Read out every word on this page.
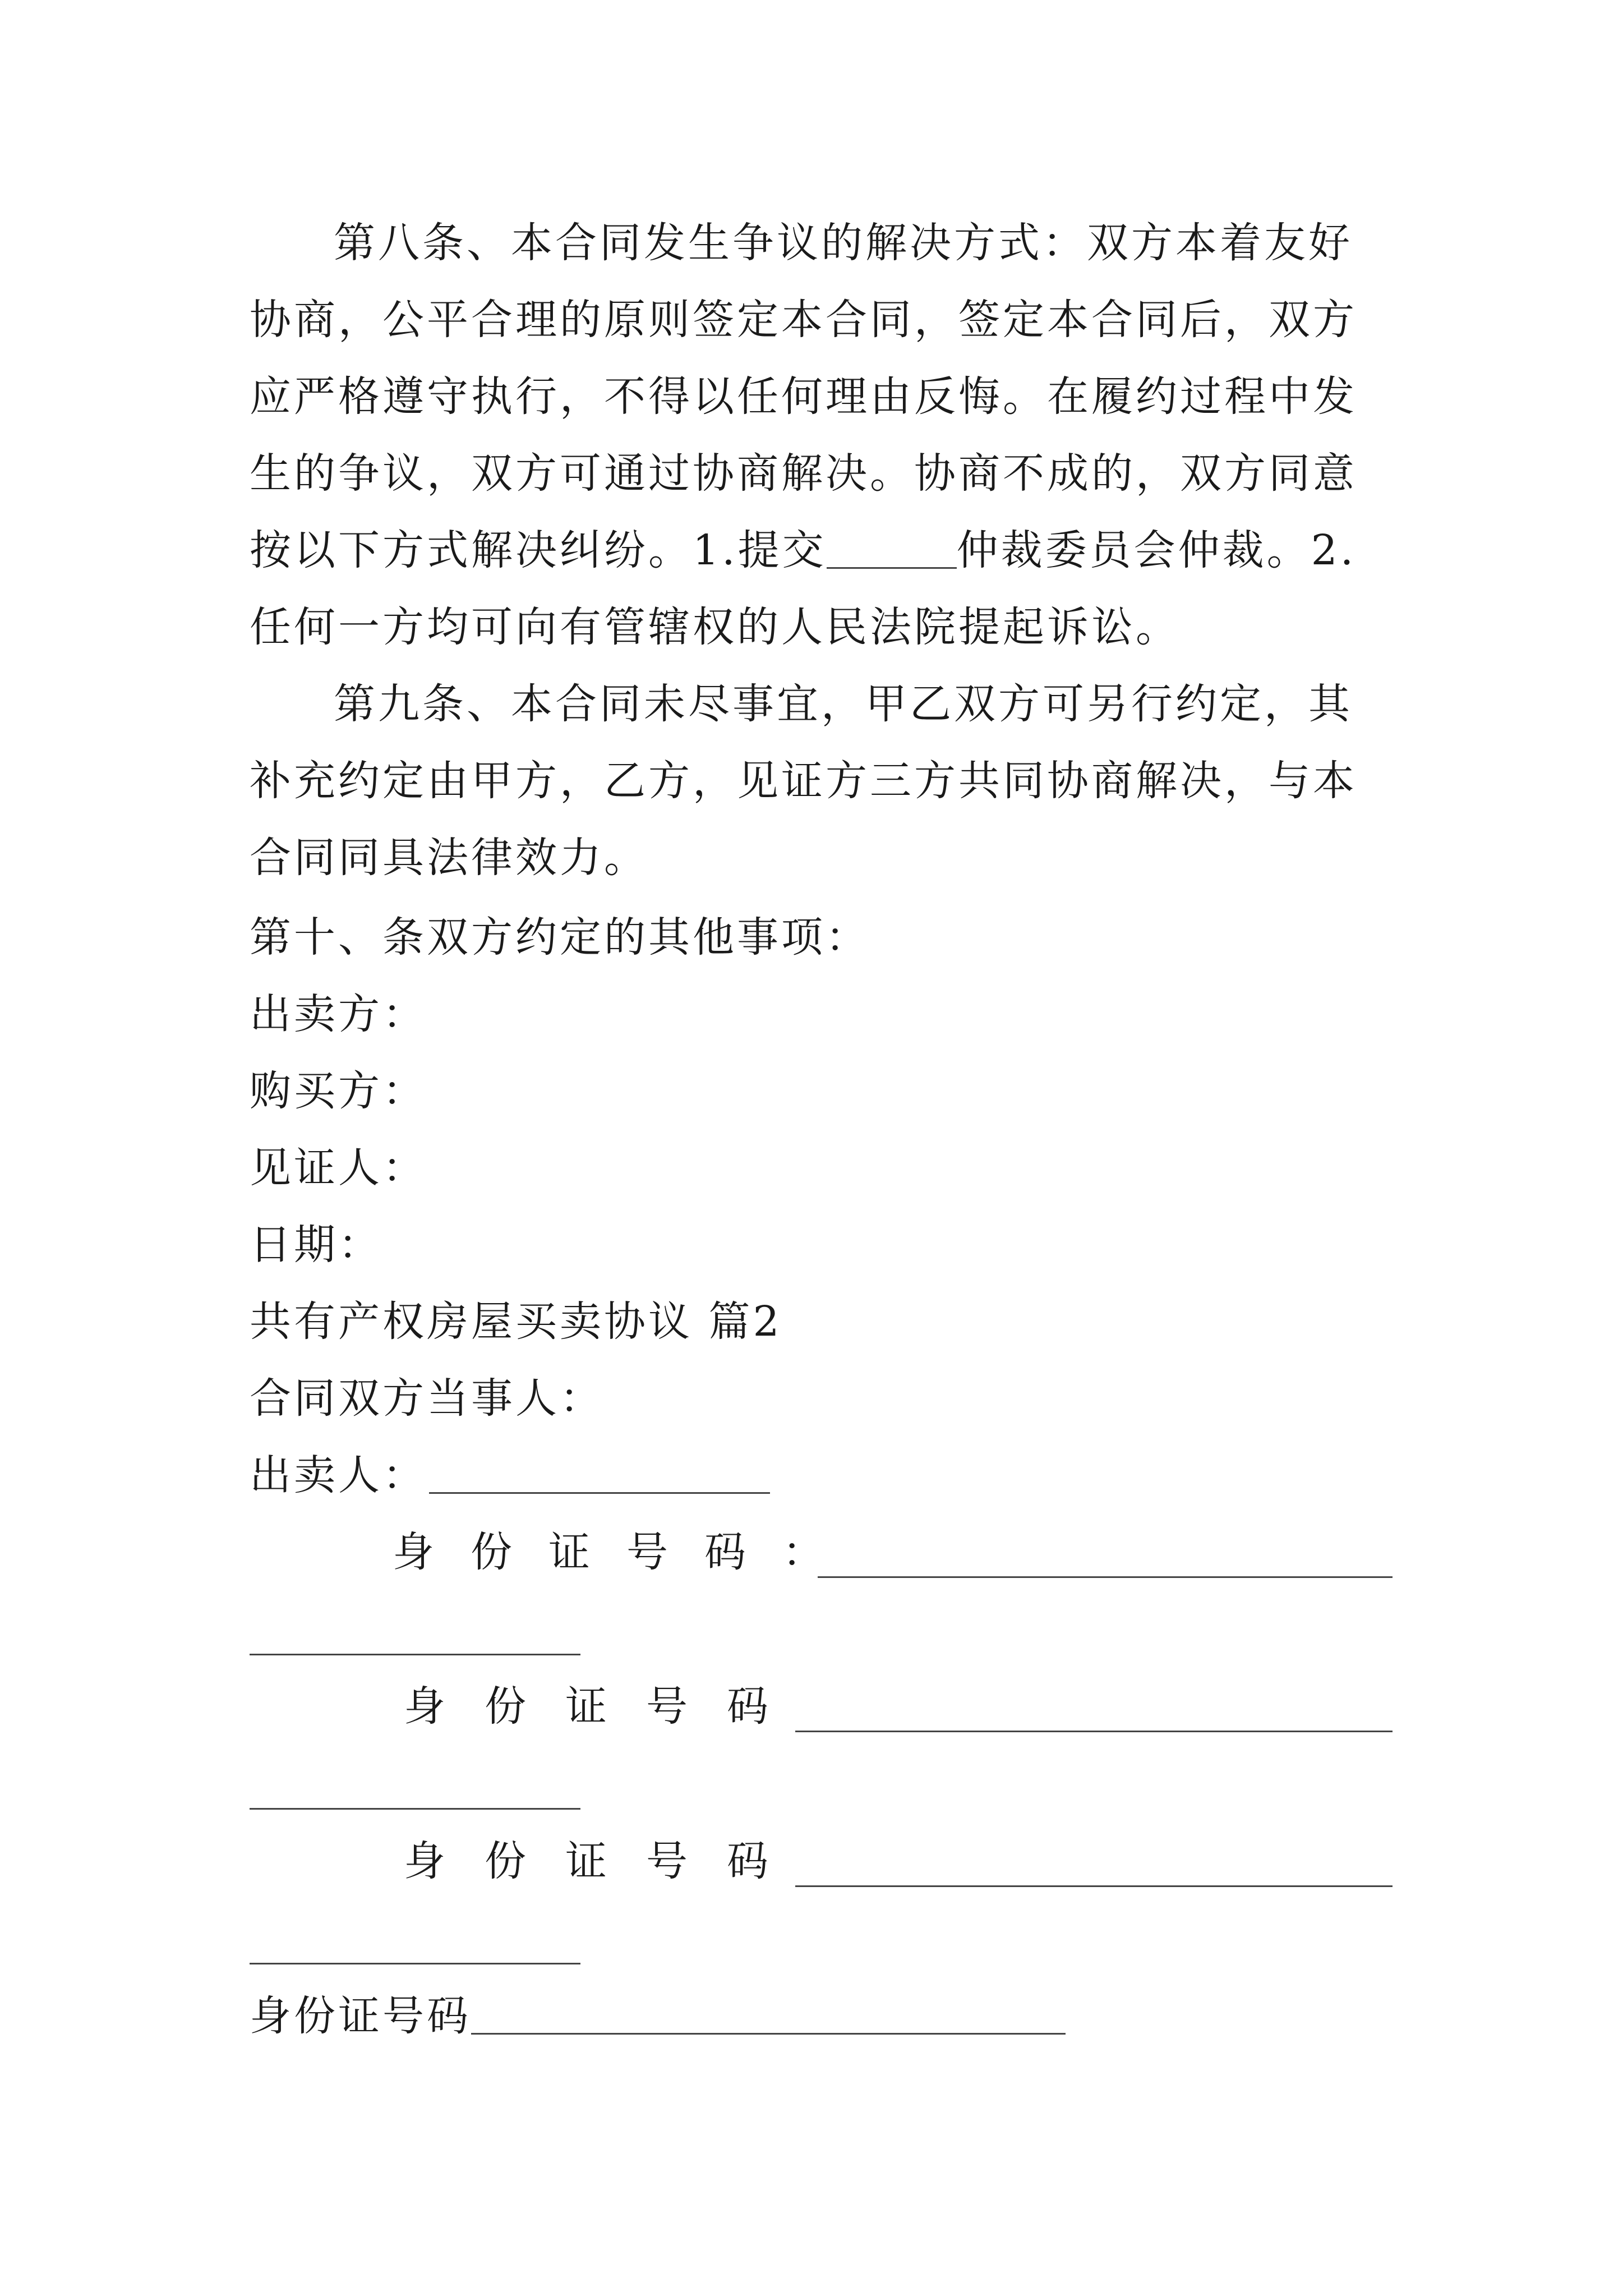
第八条、本合同发生争议的解决方式：双方本着友好协商，公平合理的原则签定本合同，签定本合同后，双方应严格遵守执行，不得以任何理由反悔。在履约过程中发生的争议，双方可通过协商解决。协商不成的，双方同意按以下方式解决纠纷。1.提交	仲裁委员会仲裁。2.任何一方均可向有管辖权的人民法院提起诉讼。

第九条、本合同未尽事宜，甲乙双方可另行约定，其补充约定由甲方，乙方，见证方三方共同协商解决，与本合同同具法律效力。

第十、条双方约定的其他事项：
出卖方：
购买方：
见证人：
日期：
共有产权房屋买卖协议 篇2
合同双方当事人：
出卖人：
身 份 证 号 码 ：
身 份 证 号 码
身 份 证 号 码
身份证号码
